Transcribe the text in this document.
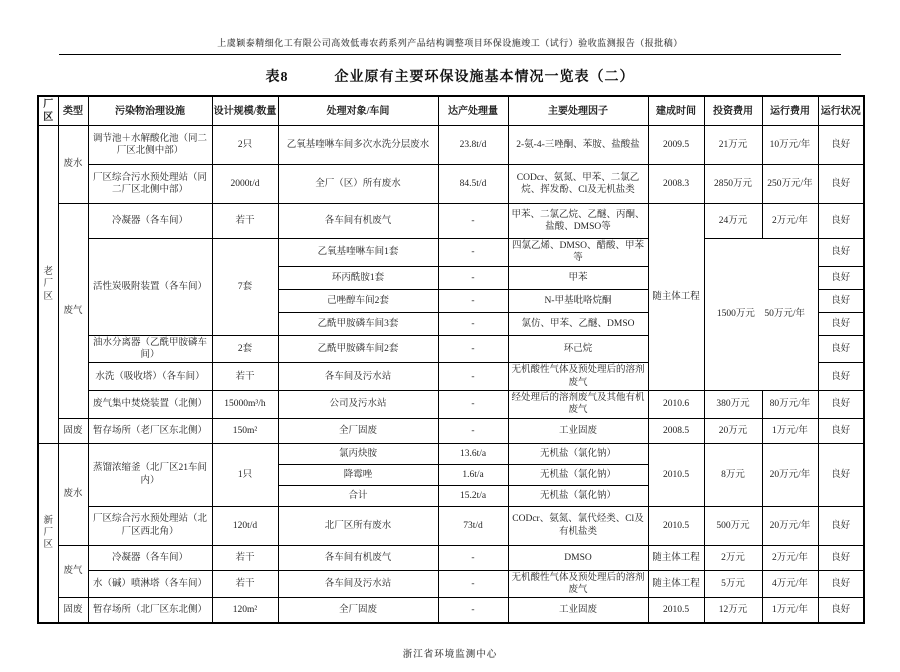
上虞颖泰精细化工有限公司高效低毒农药系列产品结构调整项目环保设施竣工（试行）验收监测报告（报批稿）
表8	企业原有主要环保设施基本情况一览表（二）
厂区	类型	污染物治理设施	设计规模/数量	处理对象/车间	达产处理量	主要处理因子	建成时间	投资费用	运行费用	运行状况
老厂区	废水	调节池＋水解酸化池（同二厂区北侧中部）	2只	乙氧基喹啉车间多次水洗分层废水	23.8t/d	2-氨-4-三唑酮、苯胺、盐酸盐	2009.5	21万元	10万元/年	良好
		厂区综合污水预处理站（同二厂区北侧中部）	2000t/d	全厂（区）所有废水	84.5t/d	CODcr、氨氮、甲苯、二氯乙烷、挥发酚、Cl及无机盐类	2008.3	2850万元	250万元/年	良好
	废气	冷凝器（各车间）	若干	各车间有机废气	-	甲苯、二氯乙烷、乙醚、丙酮、盐酸、DMSO等	随主体工程	24万元	2万元/年	良好
		活性炭吸附装置（各车间）	7套	乙氧基喹啉车间1套	-	四氯乙烯、DMSO、醋酸、甲苯等		1500万元　50万元/年		良好
				环丙酰胺1套	-	甲苯				良好
				己唑醇车间2套	-	N-甲基吡咯烷酮				良好
				乙酰甲胺磷车间3套	-	氯仿、甲苯、乙醚、DMSO				良好
		油水分离器（乙酰甲胺磷车间）	2套	乙酰甲胺磷车间2套	-	环己烷				良好
		水洗（吸收塔）（各车间）	若干	各车间及污水站	-	无机酸性气体及预处理后的溶剂废气				良好
		废气集中焚烧装置（北侧）	15000m³/h	公司及污水站	-	经处理后的溶剂废气及其他有机废气	2010.6	380万元	80万元/年	良好
	固废	暂存场所（老厂区东北侧）	150m²	全厂固废	-	工业固废	2008.5	20万元	1万元/年	良好
新厂区	废水	蒸馏浓缩釜（北厂区21车间内）	1只	氯丙炔胺	13.6t/a	无机盐（氯化钠）	2010.5	8万元	20万元/年	良好
				降霉唑	1.6t/a	无机盐（氯化钠）				
				合计	15.2t/a	无机盐（氯化钠）				
		厂区综合污水预处理站（北厂区西北角）	120t/d	北厂区所有废水	73t/d	CODcr、氨氮、氯代烃类、Cl及有机盐类	2010.5	500万元	20万元/年	良好
	废气	冷凝器（各车间）	若干	各车间有机废气	-	DMSO	随主体工程	2万元	2万元/年	良好
		水（碱）喷淋塔（各车间）	若干	各车间及污水站	-	无机酸性气体及预处理后的溶剂废气	随主体工程	5万元	4万元/年	良好
	固废	暂存场所（北厂区东北侧）	120m²	全厂固废	-	工业固废	2010.5	12万元	1万元/年	良好
浙江省环境监测中心
